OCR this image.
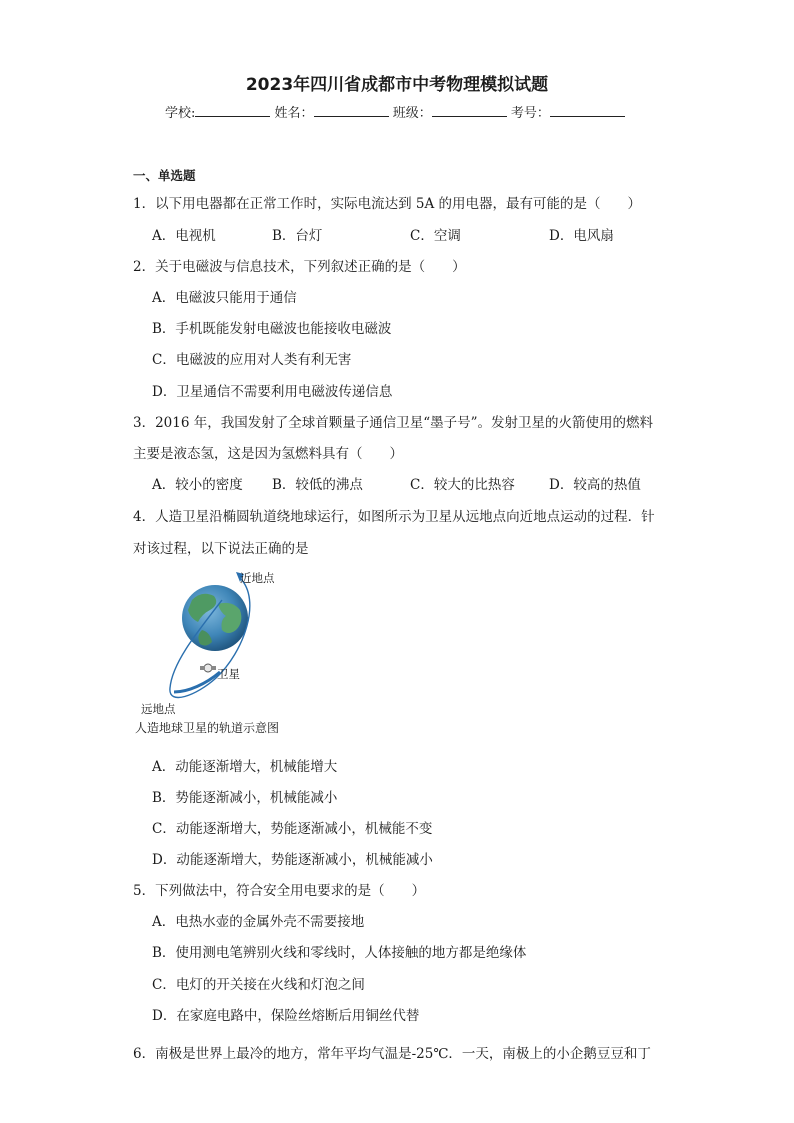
2023年四川省成都市中考物理模拟试题
学校:	姓名：	班级：	考号：
一、单选题
1．以下用电器都在正常工作时，实际电流达到 5A 的用电器，最有可能的是（　　）
A．电视机	B．台灯	C．空调	D．电风扇
2．关于电磁波与信息技术，下列叙述正确的是（　　）
A．电磁波只能用于通信
B．手机既能发射电磁波也能接收电磁波
C．电磁波的应用对人类有利无害
D．卫星通信不需要利用电磁波传递信息
3．2016 年，我国发射了全球首颗量子通信卫星“墨子号”。发射卫星的火箭使用的燃料
主要是液态氢，这是因为氢燃料具有（　　）
A．较小的密度 B．较低的沸点	C．较大的比热容	D．较高的热值
4．人造卫星沿椭圆轨道绕地球运行，如图所示为卫星从远地点向近地点运动的过程．针
对该过程，以下说法正确的是
近地点
卫星
远地点
人造地球卫星的轨道示意图
A．动能逐渐增大，机械能增大
B．势能逐渐减小，机械能减小
C．动能逐渐增大，势能逐渐减小，机械能不变
D．动能逐渐增大，势能逐渐减小，机械能减小
5．下列做法中，符合安全用电要求的是（　　）
A．电热水壶的金属外壳不需要接地
B．使用测电笔辨别火线和零线时，人体接触的地方都是绝缘体
C．电灯的开关接在火线和灯泡之间
D．在家庭电路中，保险丝熔断后用铜丝代替
6．南极是世界上最冷的地方，常年平均气温是-25℃．一天，南极上的小企鹅豆豆和丁
